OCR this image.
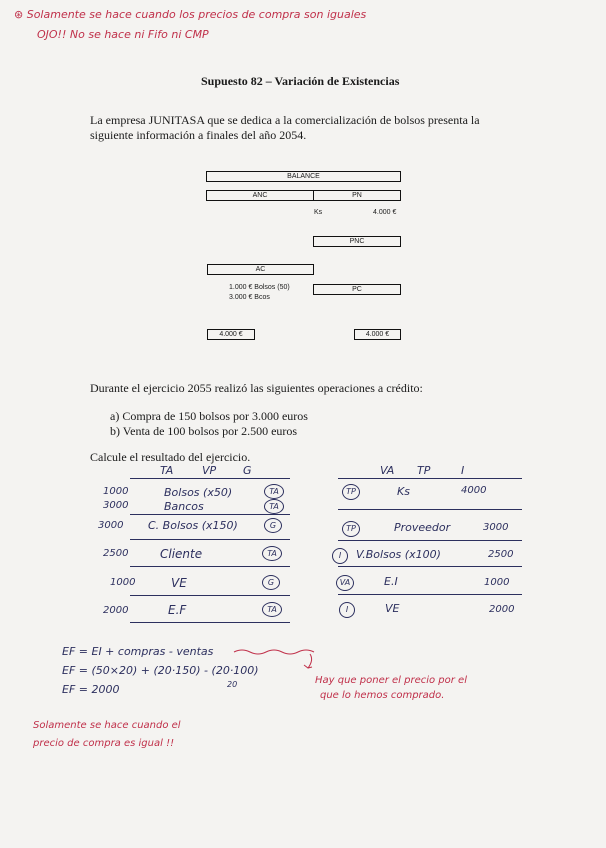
⊛ Solamente se hace cuando los precios de compra son iguales
OJO!! No se hace ni Fifo ni CMP
Supuesto 82 – Variación de Existencias
La empresa JUNITASA que se dedica a la comercialización de bolsos presenta la
siguiente información a finales del año 2054.
BALANCE
ANC	PN
Ks	4.000 €
PNC
AC
PC
1.000 € Bolsos (50)
3.000 € Bcos
4.000 €	4.000 €
Durante el ejercicio 2055 realizó las siguientes operaciones a crédito:
a) Compra de 150 bolsos por 3.000 euros
b) Venta de 100 bolsos por 2.500 euros
Calcule el resultado del ejercicio.
TA	VP G
1000	Bolsos (x50)	TA
3000	Bancos	TA
3000 C. Bolsos (x150)	G
2500	Cliente	TA
1000	VE	G
2000	E.F	TA
VA TP	I
TP	Ks	4000
TP	Proveedor	3000
I	V.Bolsos (x100)	2500
VA	E.I	1000
I	VE	2000
EF = EI + compras - ventas
EF = (50×20) + (20·150) - (20·100)
20
EF = 2000
Hay que poner el precio por el
que lo hemos comprado.
Solamente se hace cuando el
precio de compra es igual !!
